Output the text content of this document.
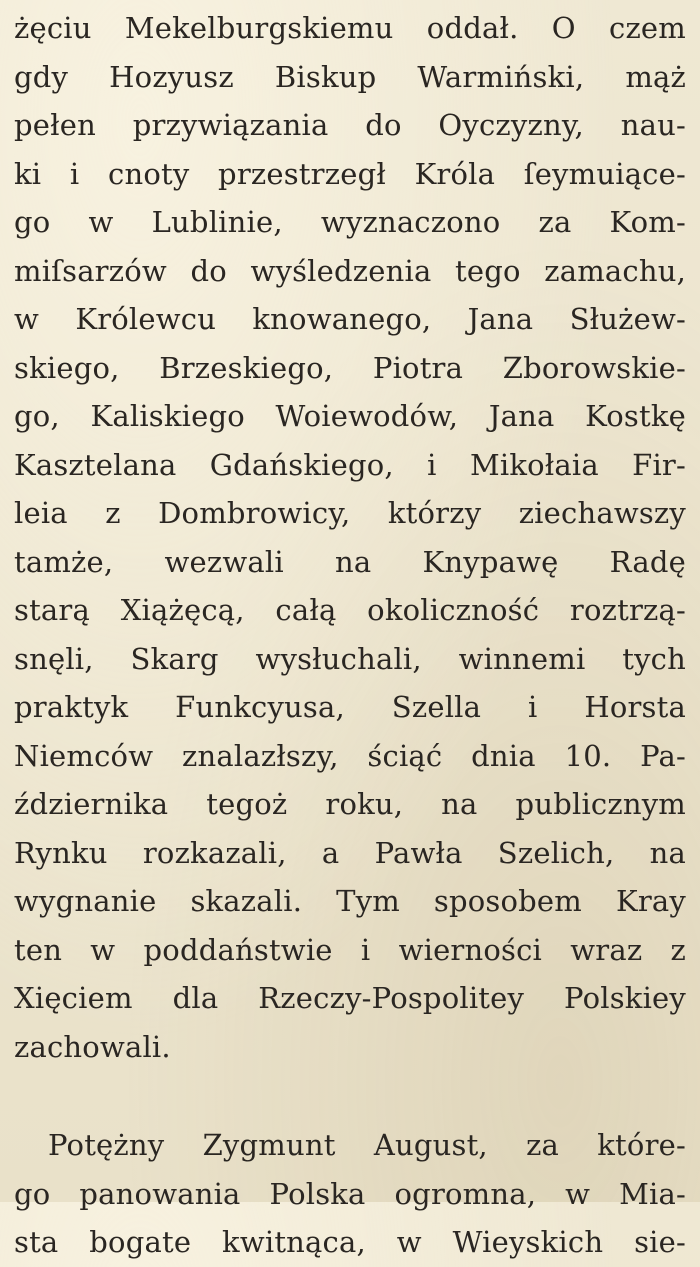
żęciu Mekelburgskiemu oddał. O czem
gdy Hozyusz Biskup Warmiński, mąż
pełen przywiązania do Oyczyzny, nau-
ki i cnoty przestrzegł Króla ſeymuiące-
go w Lublinie, wyznaczono za Kom-
miſsarzów do wyśledzenia tego zamachu,
w Królewcu knowanego, Jana Służew-
skiego, Brzeskiego, Piotra Zborowskie-
go, Kaliskiego Woiewodów, Jana Kostkę
Kasztelana Gdańskiego, i Mikołaia Fir-
leia z Dombrowicy, którzy ziechawszy
tamże, wezwali na Knypawę Radę
starą Xiążęcą, całą okoliczność roztrzą-
snęli, Skarg wysłuchali, winnemi tych
praktyk Funkcyusa, Szella i Horsta
Niemców znalazłszy, ściąć dnia 10. Pa-
ździernika tegoż roku, na publicznym
Rynku rozkazali, a Pawła Szelich, na
wygnanie skazali. Tym sposobem Kray
ten w poddaństwie i wierności wraz z
Xięciem dla Rzeczy-Pospolitey Polskiey
zachowali.
Potężny Zygmunt August, za które-
go panowania Polska ogromna, w Mia-
sta bogate kwitnąca, w Wieyskich sie-
